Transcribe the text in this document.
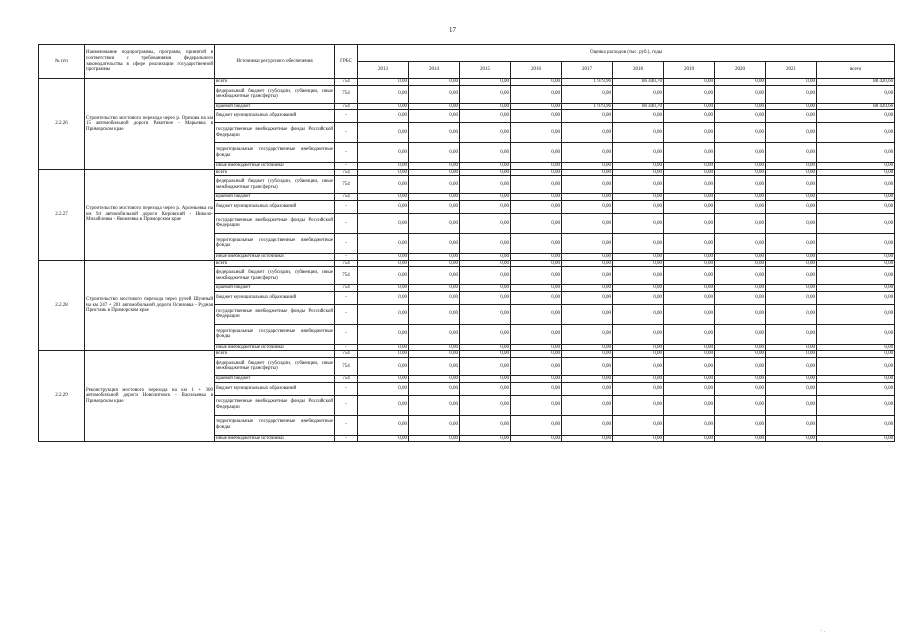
17
№ п/п	Наименование подпрограммы, программ, принятой в соответствии с требованиями федерального законодательства в сфере реализации государственной программы	Источники ресурсного обеспечения	ГРБС	Оценка расходов (тыс. руб.), годы									
				2013	2014	2015	2016	2017	2018	2019	2020	2021	всего
2.2.26	Строительство мостового перехода через р. Орехова на км 15 автомобильной дороги Ракитное - Марьевка в Приморском крае	всего	754	0,00	0,00	0,00	0,00	1 979,96	86 440,70	0,00	0,00	0,00	88 420,66
		федеральный бюджет (субсидии, субвенции, иные межбюджетные трансферты)	754	0,00	0,00	0,00	0,00	0,00	0,00	0,00	0,00	0,00	0,00
		краевой бюджет	754	0,00	0,00	0,00	0,00	1 979,96	86 440,70	0,00	0,00	0,00	88 420,66
		бюджет муниципальных образований	-	0,00	0,00	0,00	0,00	0,00	0,00	0,00	0,00	0,00	0,00
		государственные внебюджетные фонды Российской Федерации	-	0,00	0,00	0,00	0,00	0,00	0,00	0,00	0,00	0,00	0,00
		территориальные государственные внебюджетные фонды	-	0,00	0,00	0,00	0,00	0,00	0,00	0,00	0,00	0,00	0,00
		иные внебюджетные источники	-	0,00	0,00	0,00	0,00	0,00	0,00	0,00	0,00	0,00	0,00
2.2.27	Строительство мостового перехода через р. Арсеньевка на км 94 автомобильной дороги Кировский - Николо-Михайловка - Яковлевка в Приморском крае	всего	754	0,00	0,00	0,00	0,00	0,00	0,00	0,00	0,00	0,00	0,00
		федеральный бюджет (субсидии, субвенции, иные межбюджетные трансферты)	754	0,00	0,00	0,00	0,00	0,00	0,00	0,00	0,00	0,00	0,00
		краевой бюджет	754	0,00	0,00	0,00	0,00	0,00	0,00	0,00	0,00	0,00	0,00
		бюджет муниципальных образований	-	0,00	0,00	0,00	0,00	0,00	0,00	0,00	0,00	0,00	0,00
		государственные внебюджетные фонды Российской Федерации	-	0,00	0,00	0,00	0,00	0,00	0,00	0,00	0,00	0,00	0,00
		территориальные государственные внебюджетные фонды	-	0,00	0,00	0,00	0,00	0,00	0,00	0,00	0,00	0,00	0,00
		иные внебюджетные источники	-	0,00	0,00	0,00	0,00	0,00	0,00	0,00	0,00	0,00	0,00
2.2.28	Строительство мостового перехода через ручей Шумный на км 247 + 201 автомобильной дороги Осиновка - Рудная Пристань в Приморском крае	всего	754	0,00	0,00	0,00	0,00	0,00	0,00	0,00	0,00	0,00	0,00
		федеральный бюджет (субсидии, субвенции, иные межбюджетные трансферты)	754	0,00	0,00	0,00	0,00	0,00	0,00	0,00	0,00	0,00	0,00
		краевой бюджет	754	0,00	0,00	0,00	0,00	0,00	0,00	0,00	0,00	0,00	0,00
		бюджет муниципальных образований	-	0,00	0,00	0,00	0,00	0,00	0,00	0,00	0,00	0,00	0,00
		государственные внебюджетные фонды Российской Федерации	-	0,00	0,00	0,00	0,00	0,00	0,00	0,00	0,00	0,00	0,00
		территориальные государственные внебюджетные фонды	-	0,00	0,00	0,00	0,00	0,00	0,00	0,00	0,00	0,00	0,00
		иные внебюджетные источники	-	0,00	0,00	0,00	0,00	0,00	0,00	0,00	0,00	0,00	0,00
2.2.29	Реконструкция мостового перехода на км 1 + 300 автомобильной дороги Новолитовск - Васильевка в Приморском крае	всего	754	0,00	0,00	0,00	0,00	0,00	0,00	0,00	0,00	0,00	0,00
		федеральный бюджет (субсидии, субвенции, иные межбюджетные трансферты)	754	0,00	0,00	0,00	0,00	0,00	0,00	0,00	0,00	0,00	0,00
		краевой бюджет	754	0,00	0,00	0,00	0,00	0,00	0,00	0,00	0,00	0,00	0,00
		бюджет муниципальных образований	-	0,00	0,00	0,00	0,00	0,00	0,00	0,00	0,00	0,00	0,00
		государственные внебюджетные фонды Российской Федерации	-	0,00	0,00	0,00	0,00	0,00	0,00	0,00	0,00	0,00	0,00
		территориальные государственные внебюджетные фонды	-	0,00	0,00	0,00	0,00	0,00	0,00	0,00	0,00	0,00	0,00
		иные внебюджетные источники	-	0,00	0,00	0,00	0,00	0,00	0,00	0,00	0,00	0,00	0,00
· .
